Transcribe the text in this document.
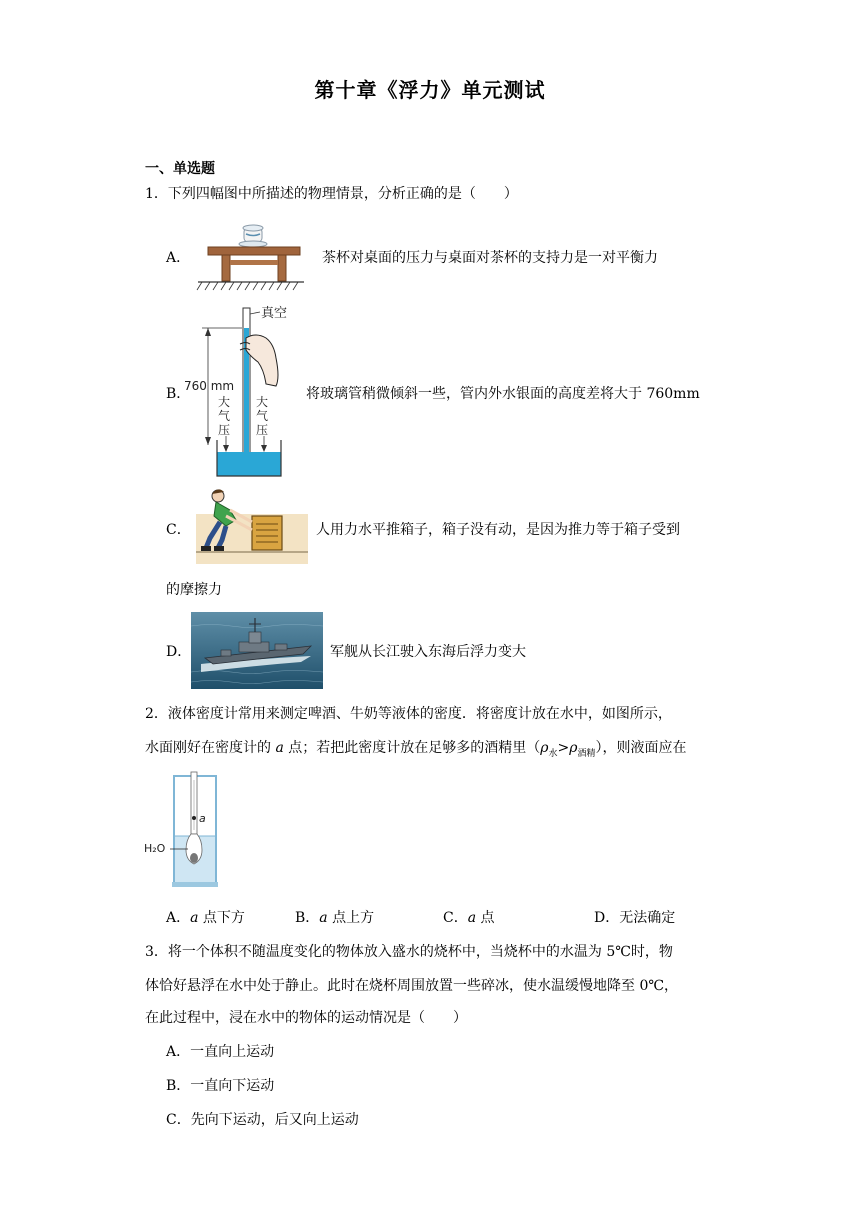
第十章《浮力》单元测试
一、单选题
1．下列四幅图中所描述的物理情景，分析正确的是（　　）
A．	茶杯对桌面的压力与桌面对茶杯的支持力是一对平衡力
B．
真空
760 mm
大
气
压
大
气
压
将玻璃管稍微倾斜一些，管内外水银面的高度差将大于 760mm
C．	人用力水平推箱子，箱子没有动，是因为推力等于箱子受到
的摩擦力
D．	军舰从长江驶入东海后浮力变大
2．液体密度计常用来测定啤酒、牛奶等液体的密度．将密度计放在水中，如图所示，
水面刚好在密度计的 a 点；若把此密度计放在足够多的酒精里$(\rho_水>\rho_{酒精})$，则液面应在
a
H₂O
A．a 点下方	B．a 点上方	C．a 点	D．无法确定
3．将一个体积不随温度变化的物体放入盛水的烧杯中，当烧杯中的水温为 5℃时，物
体恰好悬浮在水中处于静止。此时在烧杯周围放置一些碎冰，使水温缓慢地降至 0℃，
在此过程中，浸在水中的物体的运动情况是（　　）
A．一直向上运动
B．一直向下运动
C．先向下运动，后又向上运动
